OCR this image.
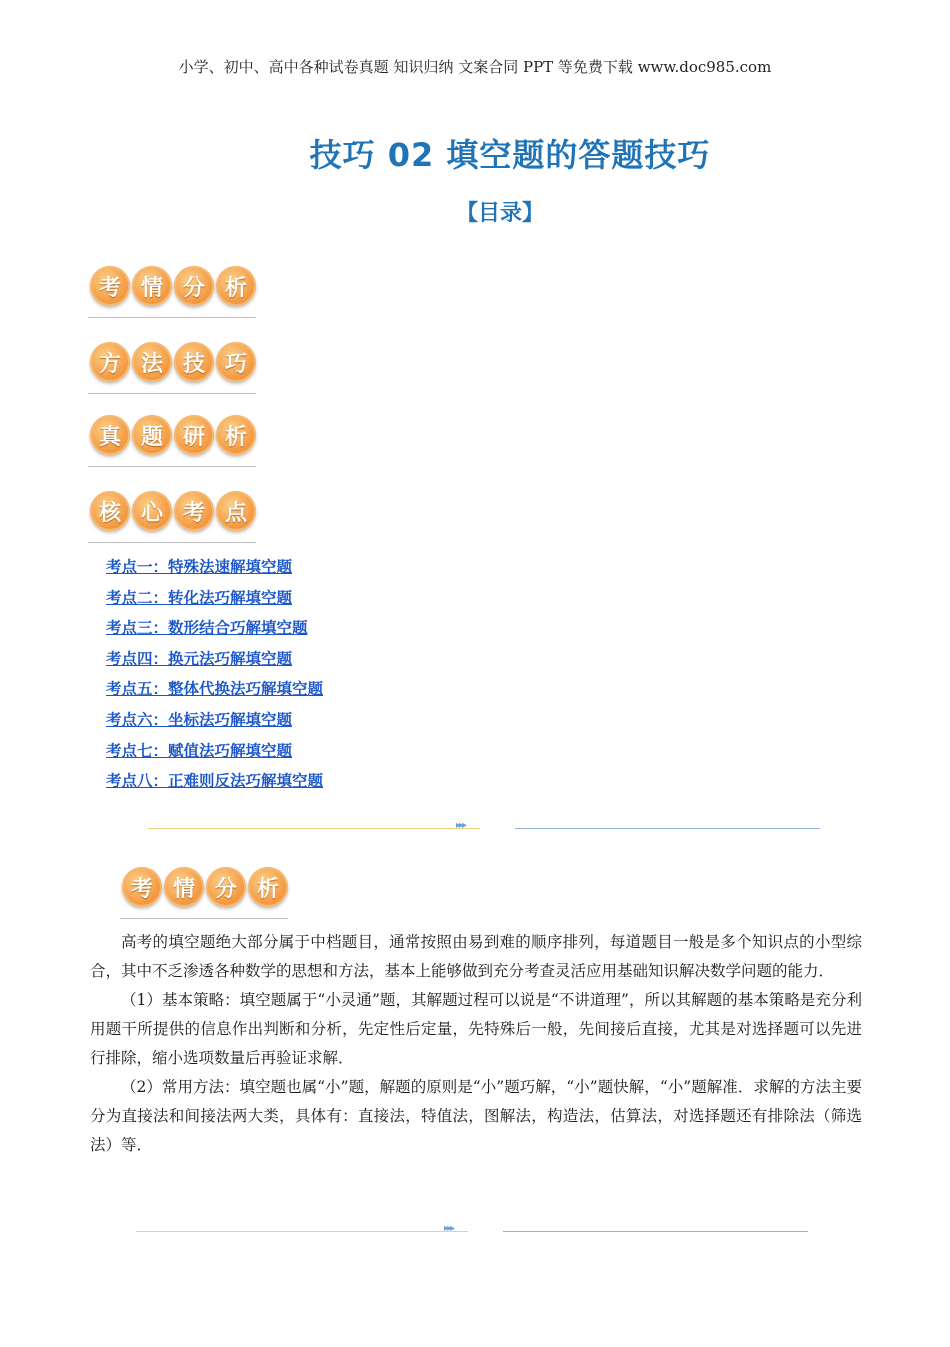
小学、初中、高中各种试卷真题 知识归纳 文案合同 PPT 等免费下载 www.doc985.com
技巧 02 填空题的答题技巧
【目录】
考 情 分 析
方 法 技 巧
真 题 研 析
核 心 考 点
考点一：特殊法速解填空题
考点二：转化法巧解填空题
考点三：数形结合巧解填空题
考点四：换元法巧解填空题
考点五：整体代换法巧解填空题
考点六：坐标法巧解填空题
考点七：赋值法巧解填空题
考点八：正难则反法巧解填空题
▸▸▸
考 情 分 析

高考的填空题绝大部分属于中档题目，通常按照由易到难的顺序排列，每道题目一般是多个知识点的小型综合，其中不乏渗透各种数学的思想和方法，基本上能够做到充分考查灵活应用基础知识解决数学问题的能力．

（1）基本策略：填空题属于“小灵通”题，其解题过程可以说是“不讲道理”，所以其解题的基本策略是充分利用题干所提供的信息作出判断和分析，先定性后定量，先特殊后一般，先间接后直接，尤其是对选择题可以先进行排除，缩小选项数量后再验证求解．

（2）常用方法：填空题也属“小”题，解题的原则是“小”题巧解，“小”题快解，“小”题解准．求解的方法主要分为直接法和间接法两大类，具体有：直接法，特值法，图解法，构造法，估算法，对选择题还有排除法（筛选法）等．

▸▸▸
